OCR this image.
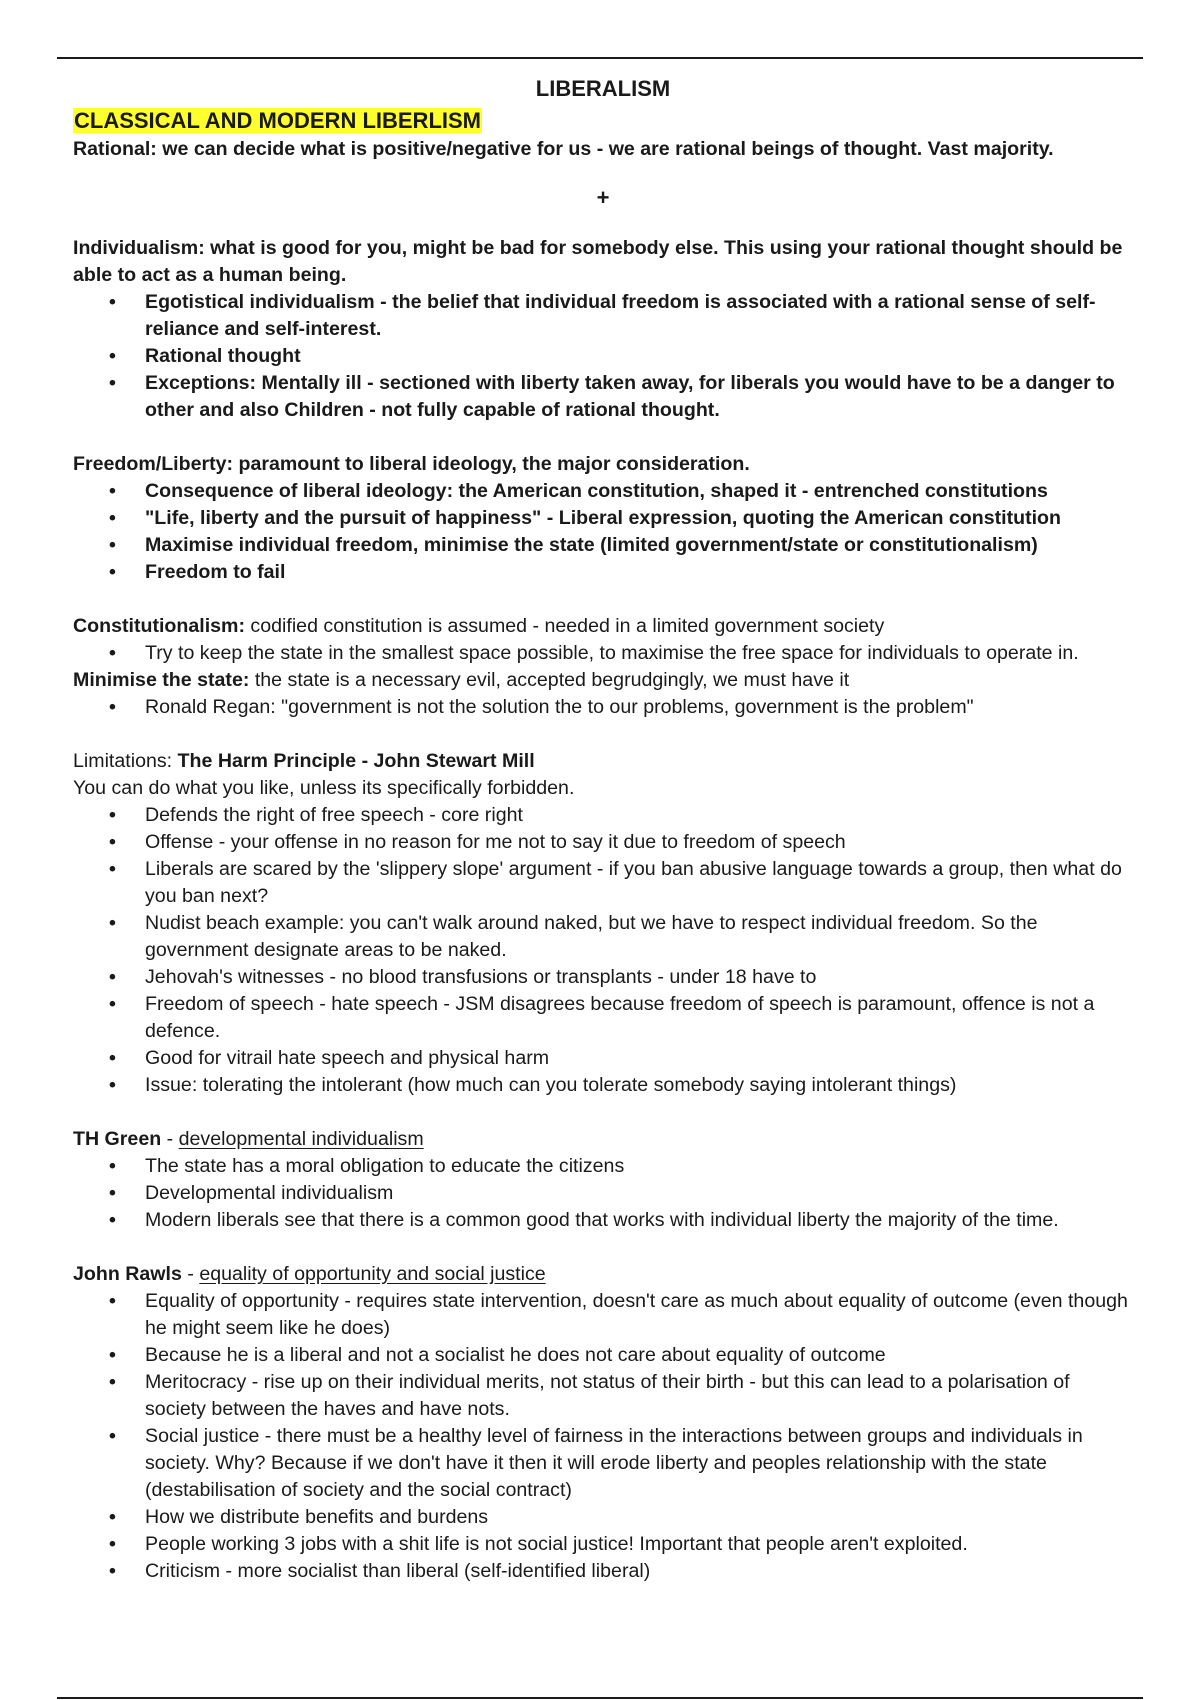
LIBERALISM
CLASSICAL AND MODERN LIBERLISM

Rational: we can decide what is positive/negative for us - we are rational beings of thought. Vast majority.

+

Individualism: what is good for you, might be bad for somebody else. This using your rational thought should be able to act as a human being.

• Egotistical individualism - the belief that individual freedom is associated with a rational sense of self-reliance and self-interest.
• Rational thought
• Exceptions: Mentally ill - sectioned with liberty taken away, for liberals you would have to be a danger to other and also Children - not fully capable of rational thought.

Freedom/Liberty: paramount to liberal ideology, the major consideration.

• Consequence of liberal ideology: the American constitution, shaped it - entrenched constitutions
• "Life, liberty and the pursuit of happiness" - Liberal expression, quoting the American constitution
• Maximise individual freedom, minimise the state (limited government/state or constitutionalism)
• Freedom to fail

Constitutionalism: codified constitution is assumed - needed in a limited government society

• Try to keep the state in the smallest space possible, to maximise the free space for individuals to operate in.

Minimise the state: the state is a necessary evil, accepted begrudgingly, we must have it

• Ronald Regan: "government is not the solution the to our problems, government is the problem"

Limitations: The Harm Principle - John Stewart Mill

You can do what you like, unless its specifically forbidden.

• Defends the right of free speech - core right
• Offense - your offense in no reason for me not to say it due to freedom of speech
• Liberals are scared by the 'slippery slope' argument - if you ban abusive language towards a group, then what do you ban next?
• Nudist beach example: you can't walk around naked, but we have to respect individual freedom. So the government designate areas to be naked.
• Jehovah's witnesses - no blood transfusions or transplants - under 18 have to
• Freedom of speech - hate speech - JSM disagrees because freedom of speech is paramount, offence is not a defence.
• Good for vitrail hate speech and physical harm
• Issue: tolerating the intolerant (how much can you tolerate somebody saying intolerant things)

TH Green - developmental individualism

• The state has a moral obligation to educate the citizens
• Developmental individualism
• Modern liberals see that there is a common good that works with individual liberty the majority of the time.

John Rawls - equality of opportunity and social justice

• Equality of opportunity - requires state intervention, doesn't care as much about equality of outcome (even though he might seem like he does)
• Because he is a liberal and not a socialist he does not care about equality of outcome
• Meritocracy - rise up on their individual merits, not status of their birth - but this can lead to a polarisation of society between the haves and have nots.
• Social justice - there must be a healthy level of fairness in the interactions between groups and individuals in society. Why? Because if we don't have it then it will erode liberty and peoples relationship with the state (destabilisation of society and the social contract)
• How we distribute benefits and burdens
• People working 3 jobs with a shit life is not social justice! Important that people aren't exploited.
• Criticism - more socialist than liberal (self-identified liberal)
